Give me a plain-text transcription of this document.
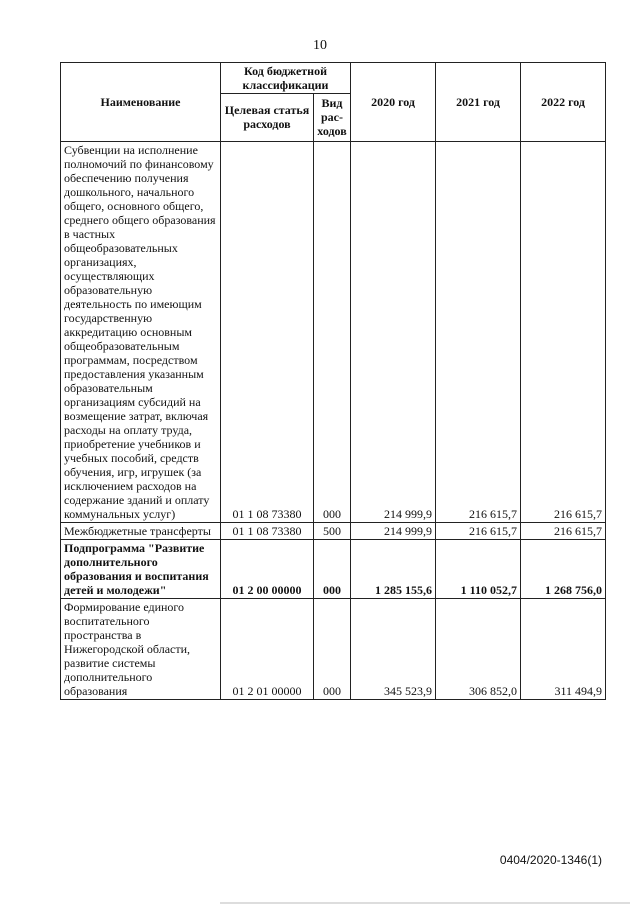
10
Наименование	Код бюджетной классификации		2020 год	2021 год	2022 год
	Целевая статья расходов	Вид рас-ходов			
Субвенции на исполнение полномочий по финансовому обеспечению получения дошкольного, начального общего, основного общего, среднего общего образования в частных общеобразовательных организациях, осуществляющих образовательную деятельность по имеющим государственную аккредитацию основным общеобразовательным программам, посредством предоставления указанным образовательным организациям субсидий на возмещение затрат, включая расходы на оплату труда, приобретение учебников и учебных пособий, средств обучения, игр, игрушек (за исключением расходов на содержание зданий и оплату коммунальных услуг)	01 1 08 73380	000	214 999,9	216 615,7	216 615,7
Межбюджетные трансферты	01 1 08 73380	500	214 999,9	216 615,7	216 615,7
Подпрограмма "Развитие дополнительного образования и воспитания детей и молодежи"	01 2 00 00000	000	1 285 155,6	1 110 052,7	1 268 756,0
Формирование единого воспитательного пространства в Нижегородской области, развитие системы дополнительного образования	01 2 01 00000	000	345 523,9	306 852,0	311 494,9
0404/2020-1346(1)
